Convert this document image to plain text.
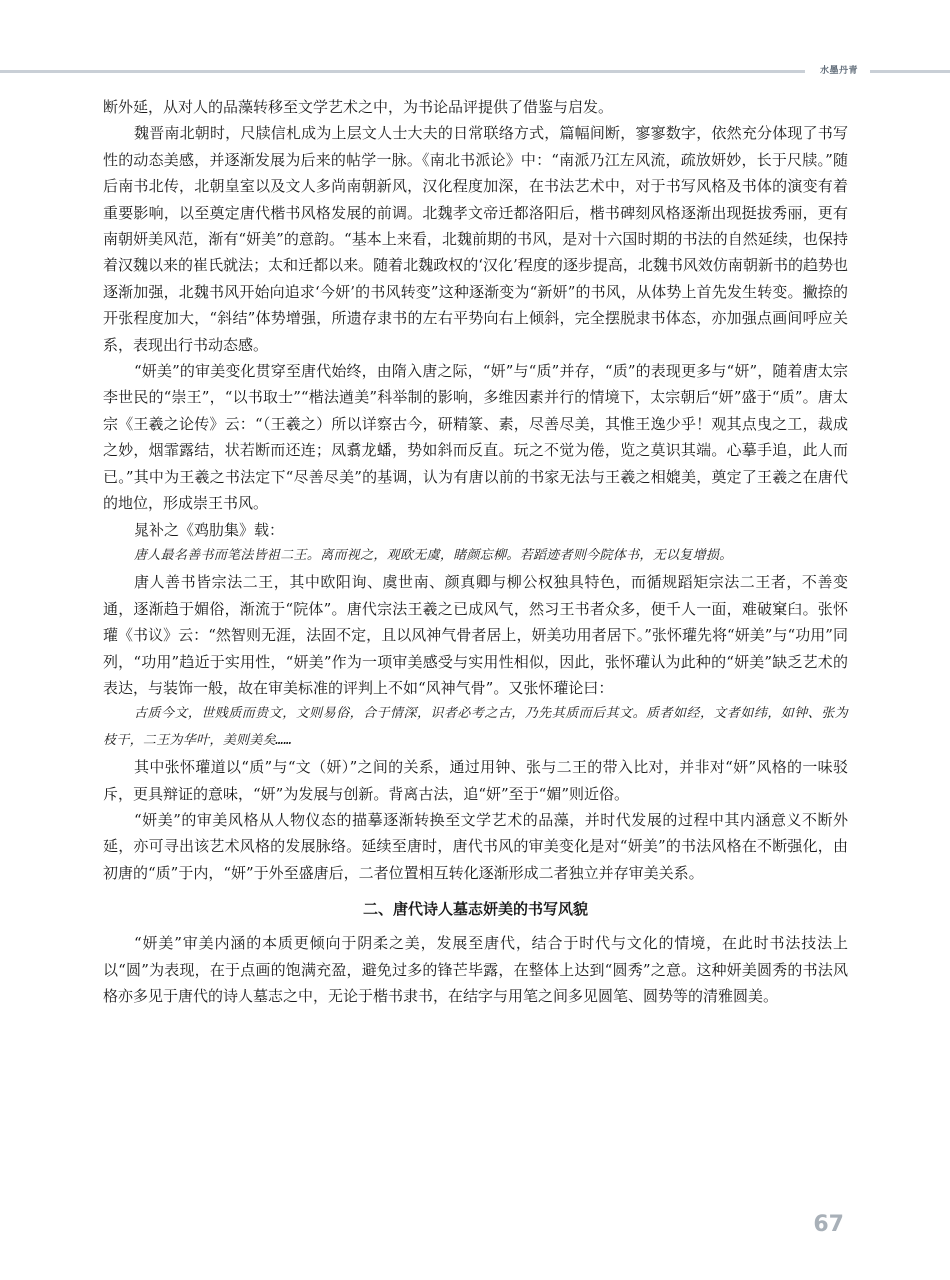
水墨丹青

断外延，从对人的品藻转移至文学艺术之中，为书论品评提供了借鉴与启发。

魏晋南北朝时，尺牍信札成为上层文人士大夫的日常联络方式，篇幅间断，寥寥数字，依然充分体现了书写性的动态美感，并逐渐发展为后来的帖学一脉。《南北书派论》中：“南派乃江左风流，疏放妍妙，长于尺牍。”随后南书北传，北朝皇室以及文人多尚南朝新风，汉化程度加深，在书法艺术中，对于书写风格及书体的演变有着重要影响，以至奠定唐代楷书风格发展的前调。北魏孝文帝迁都洛阳后，楷书碑刻风格逐渐出现挺拔秀丽，更有南朝妍美风范，渐有“妍美”的意韵。“基本上来看，北魏前期的书风，是对十六国时期的书法的自然延续，也保持着汉魏以来的崔氏就法；太和迁都以来。随着北魏政权的‘汉化’程度的逐步提高，北魏书风效仿南朝新书的趋势也逐渐加强，北魏书风开始向追求‘今妍’的书风转变”这种逐渐变为“新妍”的书风，从体势上首先发生转变。撇捺的开张程度加大，“斜结”体势增强，所遗存隶书的左右平势向右上倾斜，完全摆脱隶书体态，亦加强点画间呼应关系，表现出行书动态感。

“妍美”的审美变化贯穿至唐代始终，由隋入唐之际，“妍”与“质”并存，“质”的表现更多与“妍”，随着唐太宗李世民的“崇王”，“以书取士”“楷法遒美”科举制的影响，多维因素并行的情境下，太宗朝后“妍”盛于“质”。唐太宗《王羲之论传》云：“（王羲之）所以详察古今，研精篆、素，尽善尽美，其惟王逸少乎！观其点曳之工，裁成之妙，烟霏露结，状若断而还连；凤翥龙蟠，势如斜而反直。玩之不觉为倦，览之莫识其端。心摹手追，此人而已。”其中为王羲之书法定下“尽善尽美”的基调，认为有唐以前的书家无法与王羲之相媲美，奠定了王羲之在唐代的地位，形成崇王书风。

晁补之《鸡肋集》载：

唐人最名善书而笔法皆祖二王。离而视之，观欧无虞，睹颜忘柳。若蹈迹者则今院体书，无以复增损。

唐人善书皆宗法二王，其中欧阳询、虞世南、颜真卿与柳公权独具特色，而循规蹈矩宗法二王者，不善变通，逐渐趋于媚俗，渐流于“院体”。唐代宗法王羲之已成风气，然习王书者众多，便千人一面，难破窠臼。张怀瓘《书议》云：“然智则无涯，法固不定，且以风神气骨者居上，妍美功用者居下。”张怀瓘先将“妍美”与“功用”同列，“功用”趋近于实用性，“妍美”作为一项审美感受与实用性相似，因此，张怀瓘认为此种的“妍美”缺乏艺术的表达，与装饰一般，故在审美标准的评判上不如“风神气骨”。又张怀瓘论曰：

古质今文，世贱质而贵文，文则易俗，合于情深，识者必考之古，乃先其质而后其文。质者如经，文者如纬，如钟、张为枝干，二王为华叶，美则美矣……

其中张怀瓘道以“质”与“文（妍）”之间的关系，通过用钟、张与二王的带入比对，并非对“妍”风格的一味驳斥，更具辩证的意味，“妍”为发展与创新。背离古法，追“妍”至于“媚”则近俗。

“妍美”的审美风格从人物仪态的描摹逐渐转换至文学艺术的品藻，并时代发展的过程中其内涵意义不断外延，亦可寻出该艺术风格的发展脉络。延续至唐时，唐代书风的审美变化是对“妍美”的书法风格在不断强化，由初唐的“质”于内，“妍”于外至盛唐后，二者位置相互转化逐渐形成二者独立并存审美关系。

二、唐代诗人墓志妍美的书写风貌

“妍美”审美内涵的本质更倾向于阴柔之美，发展至唐代，结合于时代与文化的情境，在此时书法技法上以“圆”为表现，在于点画的饱满充盈，避免过多的锋芒毕露，在整体上达到“圆秀”之意。这种妍美圆秀的书法风格亦多见于唐代的诗人墓志之中，无论于楷书隶书，在结字与用笔之间多见圆笔、圆势等的清雅圆美。

67
